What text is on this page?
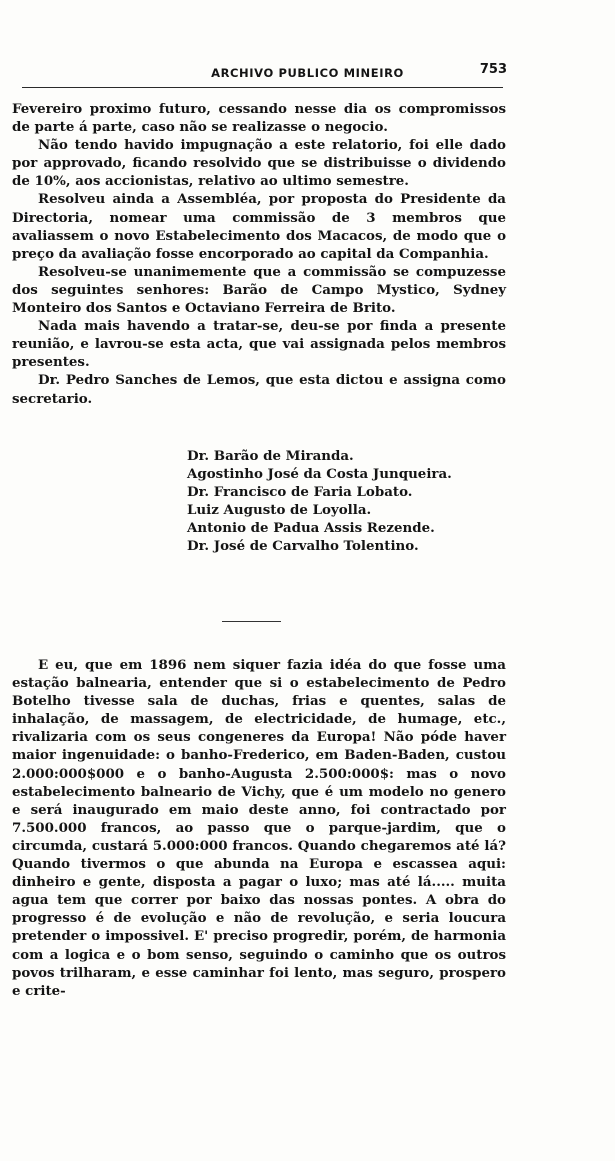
ARCHIVO PUBLICO MINEIRO	753

Fevereiro proximo futuro, cessando nesse dia os compromissos de parte á parte, caso não se realizasse o negocio.

Não tendo havido impugnação a este relatorio, foi elle dado por approvado, ficando resolvido que se distribuisse o dividendo de 10%, aos accionistas, relativo ao ultimo semestre.

Resolveu ainda a Assembléa, por proposta do Presidente da Directoria, nomear uma commissão de 3 membros que avaliassem o novo Estabelecimento dos Macacos, de modo que o preço da avaliação fosse encorporado ao capital da Companhia.

Resolveu-se unanimemente que a commissão se compuzesse dos seguintes senhores: Barão de Campo Mystico, Sydney Monteiro dos Santos e Octaviano Ferreira de Brito.

Nada mais havendo a tratar-se, deu-se por finda a presente reunião, e lavrou-se esta acta, que vai assignada pelos membros presentes.

Dr. Pedro Sanches de Lemos, que esta dictou e assigna como secretario.

Dr. Barão de Miranda.
Agostinho José da Costa Junqueira.
Dr. Francisco de Faria Lobato.
Luiz Augusto de Loyolla.
Antonio de Padua Assis Rezende.
Dr. José de Carvalho Tolentino.

E eu, que em 1896 nem siquer fazia idéa do que fosse uma estação balnearia, entender que si o estabelecimento de Pedro Botelho tivesse sala de duchas, frias e quentes, salas de inhalação, de massagem, de electricidade, de humage, etc., rivalizaria com os seus congeneres da Europa! Não póde haver maior ingenuidade: o banho-Frederico, em Baden-Baden, custou 2.000:000$000 e o banho-Augusta 2.500:000$: mas o novo estabelecimento balneario de Vichy, que é um modelo no genero e será inaugurado em maio deste anno, foi contractado por 7.500.000 francos, ao passo que o parque-jardim, que o circumda, custará 5.000:000 francos. Quando chegaremos até lá? Quando tivermos o que abunda na Europa e escassea aqui: dinheiro e gente, disposta a pagar o luxo; mas até lá..... muita agua tem que correr por baixo das nossas pontes. A obra do progresso é de evolução e não de revolução, e seria loucura pretender o impossivel. E' preciso progredir, porém, de harmonia com a logica e o bom senso, seguindo o caminho que os outros povos trilharam, e esse caminhar foi lento, mas seguro, prospero e crite-
